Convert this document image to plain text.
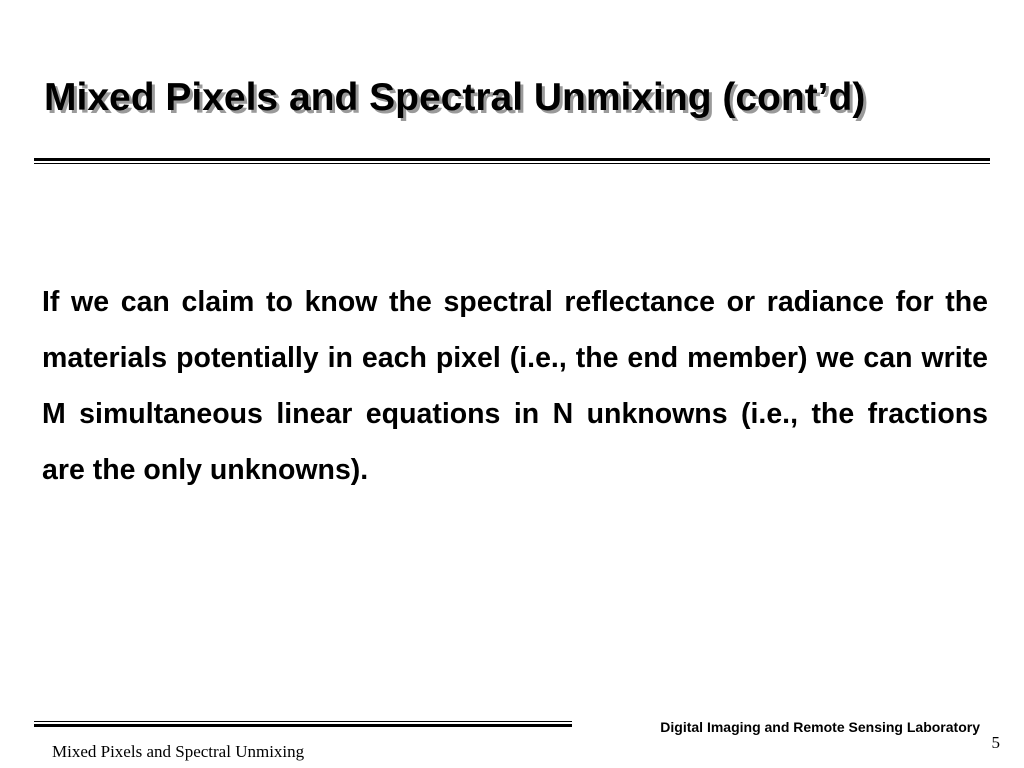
Mixed Pixels and Spectral Unmixing (cont’d)

If we can claim to know the spectral reflectance or radiance for the materials potentially in each pixel (i.e., the end member) we can write M simultaneous linear equations in N unknowns (i.e., the fractions are the only unknowns).

Digital Imaging and Remote Sensing Laboratory
Mixed Pixels and Spectral Unmixing	5
